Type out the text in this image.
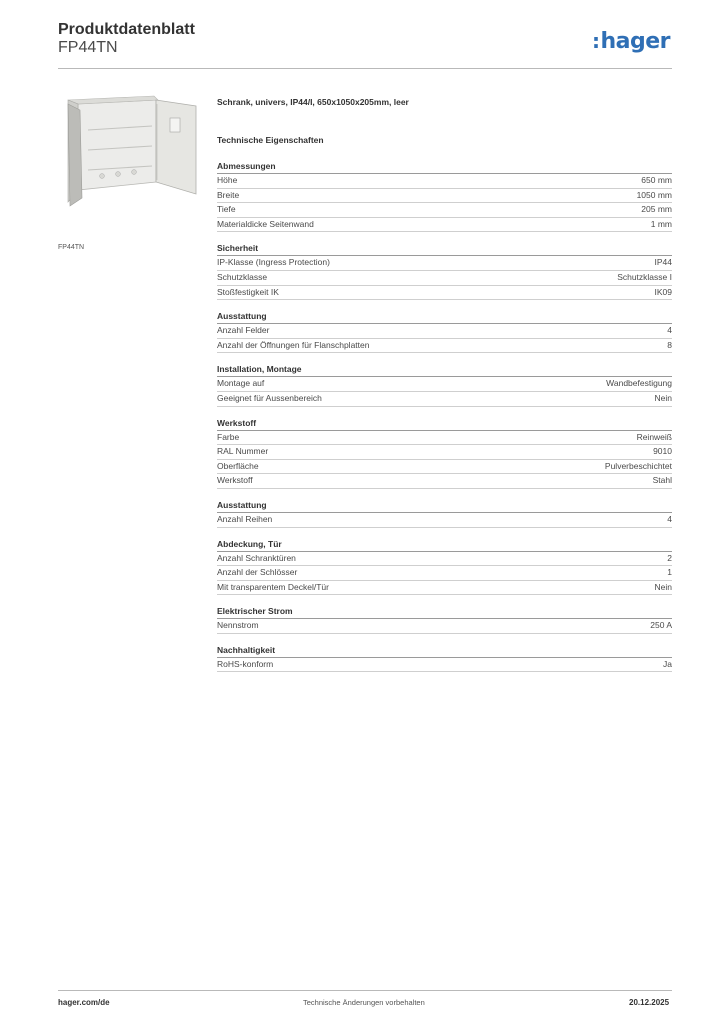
Produktdatenblatt
FP44TN	:hager
FP44TN
Schrank, univers, IP44/I, 650x1050x205mm, leer
Technische Eigenschaften
Abmessungen
Höhe	650 mm
Breite	1050 mm
Tiefe	205 mm
Materialdicke Seitenwand	1 mm
Sicherheit
IP-Klasse (Ingress Protection)	IP44
Schutzklasse	Schutzklasse I
Stoßfestigkeit IK	IK09
Ausstattung
Anzahl Felder	4
Anzahl der Öffnungen für Flanschplatten	8
Installation, Montage
Montage auf	Wandbefestigung
Geeignet für Aussenbereich	Nein
Werkstoff
Farbe	Reinweiß
RAL Nummer	9010
Oberfläche	Pulverbeschichtet
Werkstoff	Stahl
Ausstattung
Anzahl Reihen	4
Abdeckung, Tür
Anzahl Schranktüren	2
Anzahl der Schlösser	1
Mit transparentem Deckel/Tür	Nein
Elektrischer Strom
Nennstrom	250 A
Nachhaltigkeit
RoHS-konform	Ja
hager.com/de	Technische Änderungen vorbehalten	20.12.2025
